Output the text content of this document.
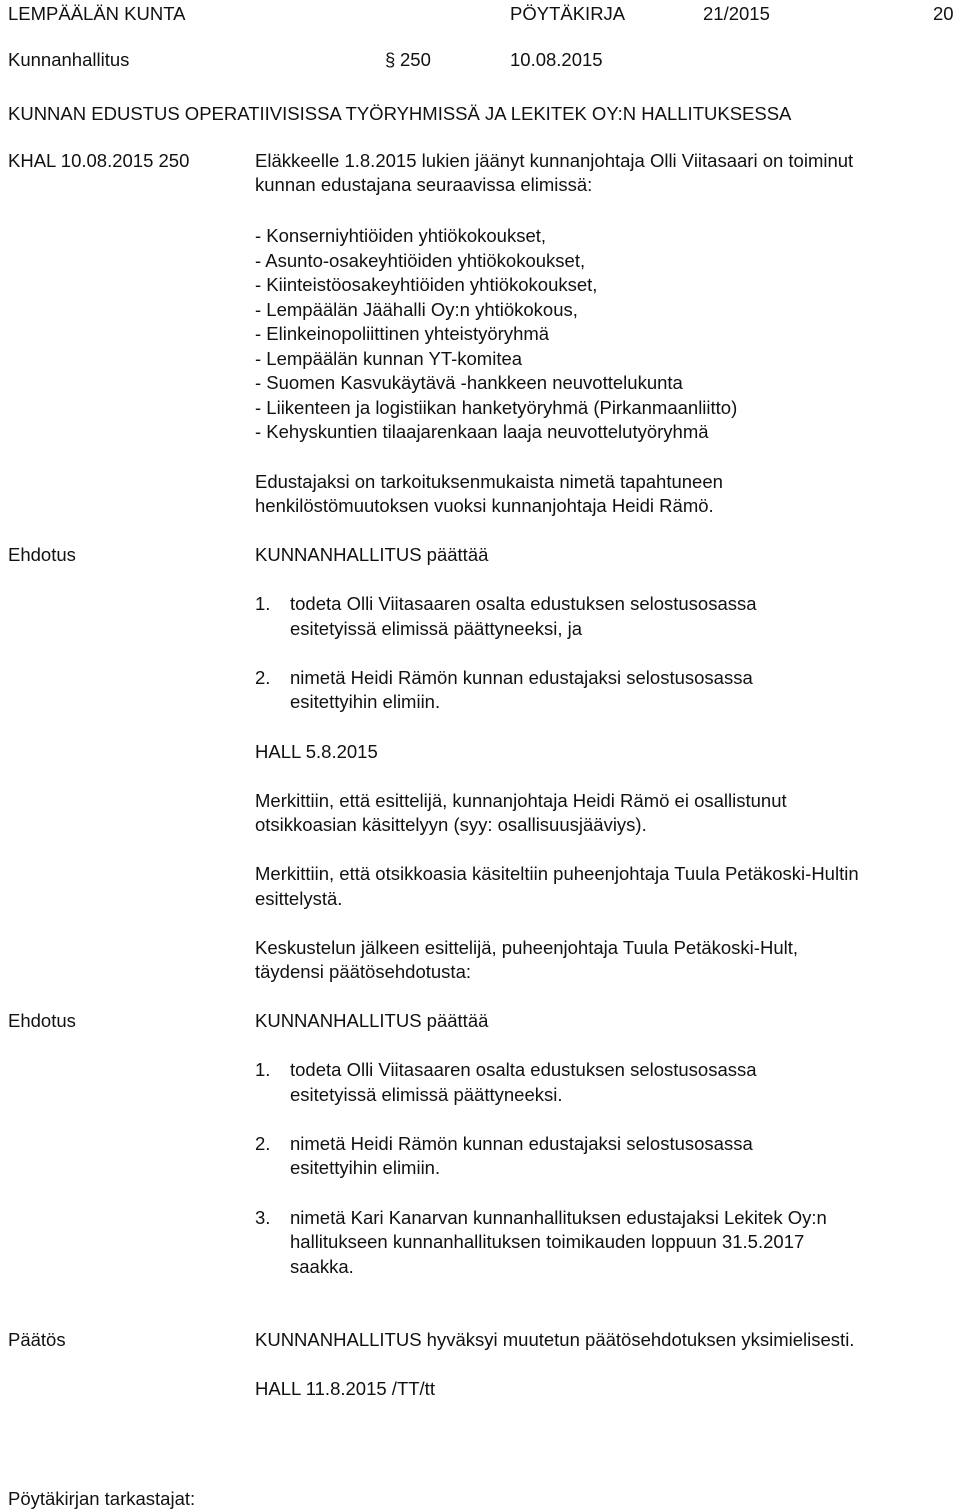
LEMPÄÄLÄN KUNTA	PÖYTÄKIRJA	21/2015	20
Kunnanhallitus	§ 250	10.08.2015
KUNNAN EDUSTUS OPERATIIVISISSA TYÖRYHMISSÄ JA LEKITEK OY:N HALLITUKSESSA
KHAL 10.08.2015 250	Eläkkeelle 1.8.2015 lukien jäänyt kunnanjohtaja Olli Viitasaari on toiminut
kunnan edustajana seuraavissa elimissä:
- Konserniyhtiöiden yhtiökokoukset,
- Asunto-osakeyhtiöiden yhtiökokoukset,
- Kiinteistöosakeyhtiöiden yhtiökokoukset,
- Lempäälän Jäähalli Oy:n yhtiökokous,
- Elinkeinopoliittinen yhteistyöryhmä
- Lempäälän kunnan YT-komitea
- Suomen Kasvukäytävä -hankkeen neuvottelukunta
- Liikenteen ja logistiikan hanketyöryhmä (Pirkanmaanliitto)
- Kehyskuntien tilaajarenkaan laaja neuvottelutyöryhmä
Edustajaksi on tarkoituksenmukaista nimetä tapahtuneen
henkilöstömuutoksen vuoksi kunnanjohtaja Heidi Rämö.
Ehdotus	KUNNANHALLITUS päättää
1. todeta Olli Viitasaaren osalta edustuksen selostusosassa
esitetyissä elimissä päättyneeksi, ja
2. nimetä Heidi Rämön kunnan edustajaksi selostusosassa
esitettyihin elimiin.
HALL 5.8.2015
Merkittiin, että esittelijä, kunnanjohtaja Heidi Rämö ei osallistunut
otsikkoasian käsittelyyn (syy: osallisuusjääviys).
Merkittiin, että otsikkoasia käsiteltiin puheenjohtaja Tuula Petäkoski-Hultin
esittelystä.
Keskustelun jälkeen esittelijä, puheenjohtaja Tuula Petäkoski-Hult,
täydensi päätösehdotusta:
Ehdotus	KUNNANHALLITUS päättää
1. todeta Olli Viitasaaren osalta edustuksen selostusosassa
esitetyissä elimissä päättyneeksi.
2. nimetä Heidi Rämön kunnan edustajaksi selostusosassa
esitettyihin elimiin.
3. nimetä Kari Kanarvan kunnanhallituksen edustajaksi Lekitek Oy:n
hallitukseen kunnanhallituksen toimikauden loppuun 31.5.2017
saakka.
Päätös	KUNNANHALLITUS hyväksyi muutetun päätösehdotuksen yksimielisesti.
HALL 11.8.2015 /TT/tt
Pöytäkirjan tarkastajat:
